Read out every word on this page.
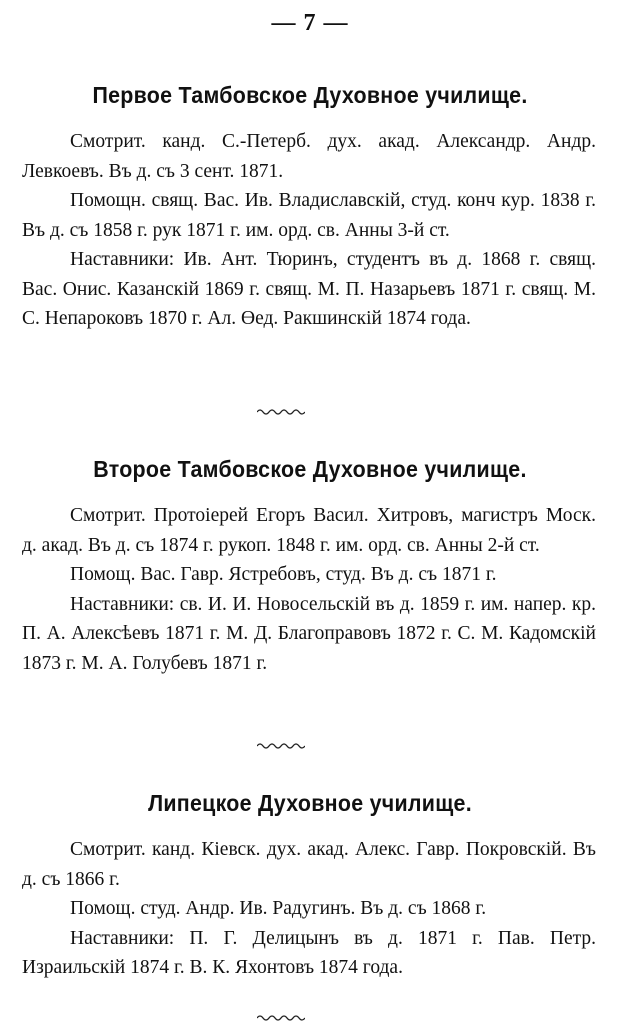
— 7 —
Первое Тамбовское Духовное училище.

Смотрит. канд. С.-Петерб. дух. акад. Александр. Андр. Левкоевъ. Въ д. съ 3 сент. 1871.

Помощн. свящ. Вас. Ив. Владиславскій, студ. конч кур. 1838 г. Въ д. съ 1858 г. рук 1871 г. им. орд. св. Анны 3-й ст.

Наставники: Ив. Ант. Тюринъ, студентъ въ д. 1868 г. свящ. Вас. Онис. Казанскій 1869 г. свящ. М. П. Назарьевъ 1871 г. свящ. М. С. Непароковъ 1870 г. Ал. Өед. Ракшинскій 1874 года.

Второе Тамбовское Духовное училище.

Смотрит. Протоіерей Егоръ Васил. Хитровъ, магистръ Моск. д. акад. Въ д. съ 1874 г. рукоп. 1848 г. им. орд. св. Анны 2-й ст.

Помощ. Вас. Гавр. Ястребовъ, студ. Въ д. съ 1871 г.

Наставники: св. И. И. Новосельскій въ д. 1859 г. им. напер. кр. П. А. Алексѣевъ 1871 г. М. Д. Благоправовъ 1872 г. С. М. Кадомскій 1873 г. М. А. Голубевъ 1871 г.

Липецкое Духовное училище.

Смотрит. канд. Кіевск. дух. акад. Алекс. Гавр. Покровскій. Въ д. съ 1866 г.

Помощ. студ. Андр. Ив. Радугинъ. Въ д. съ 1868 г.

Наставники: П. Г. Делицынъ въ д. 1871 г. Пав. Петр. Израильскій 1874 г. В. К. Яхонтовъ 1874 года.
